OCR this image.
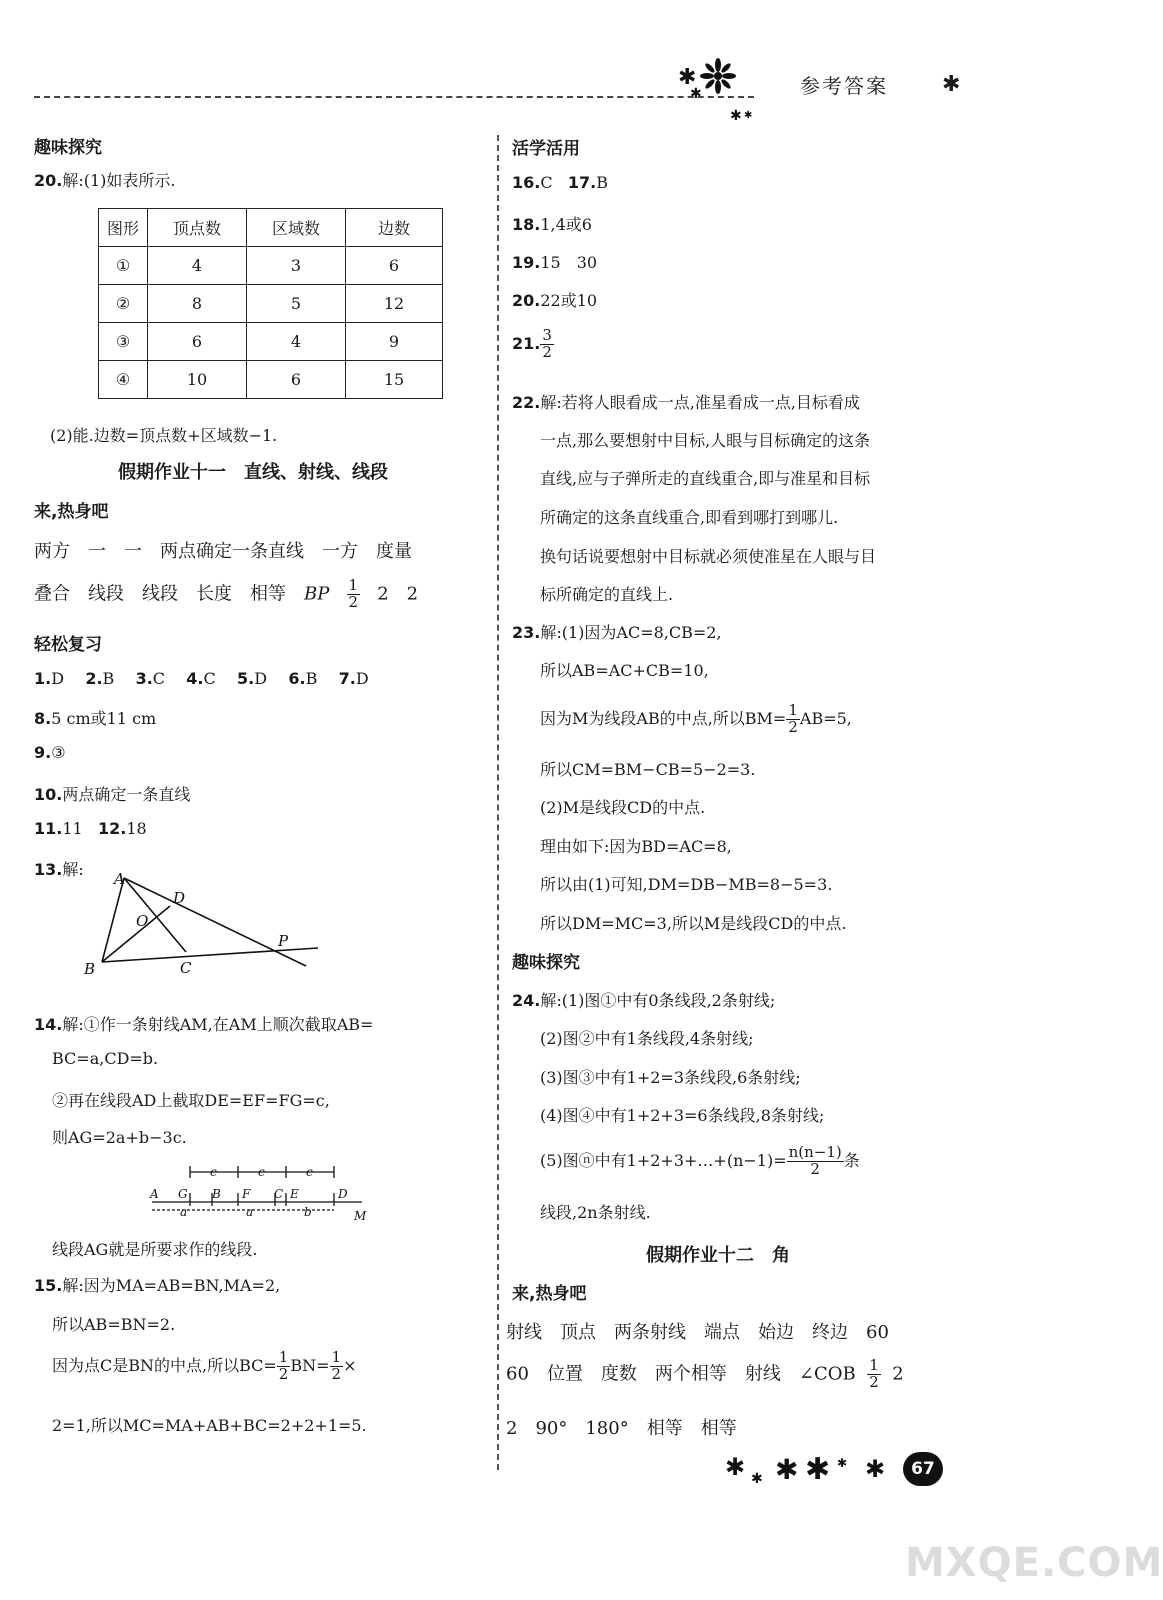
✱
✱
✱ ✱
参考答案 ✱
趣味探究
20.解:(1)如表所示.
图形	顶点数	区域数	边数
①	4	3	6
②	8	5	12
③	6	4	9
④	10	6	15
(2)能.边数=顶点数+区域数−1.
假期作业十一　直线、射线、线段
来,热身吧
两方　一　一　两点确定一条直线　一方　度量
叠合　线段　线段　长度　相等　BP $\frac{1}{2} 2$　2
轻松复习
1.D 2.B 3.C 4.C 5.D 6.B 7.D
8.5 cm或11 cm
9.③
10.两点确定一条直线
11.11 12.18
13.解: A
D
O
P
B	C
14.解:①作一条射线AM,在AM上顺次截取AB=
BC=a,CD=b.
②再在线段AD上截取DE=EF=FG=c,
则AG=2a+b−3c.
c	c	c
A G B F C E	D
a	a	b	M
线段AG就是所要求作的线段.
15.解:因为MA=AB=BN,MA=2,
所以AB=BN=2.
因为点C是BN的中点,所以$BC= \frac{1}{2} BN= \frac{1}{2}$ ×
2=1,所以MC=MA+AB+BC=2+2+1=5.
活学活用
16.C 17.B
18.1,4或6
19.15　30
20.22或10
21. $\frac{3}{2}$
22.解:若将人眼看成一点,准星看成一点,目标看成
一点,那么要想射中目标,人眼与目标确定的这条
直线,应与子弹所走的直线重合,即与准星和目标
所确定的这条直线重合,即看到哪打到哪儿.
换句话说要想射中目标就必须使准星在人眼与目
标所确定的直线上.
23.解:(1)因为AC=8,CB=2,
所以AB=AC+CB=10,
因为M为线段AB的中点,所以$BM= \frac{1}{2} AB=5$,
所以CM=BM−CB=5−2=3.
(2)M是线段CD的中点.
理由如下:因为BD=AC=8,
所以由(1)可知,DM=DB−MB=8−5=3.
所以DM=MC=3,所以M是线段CD的中点.
趣味探究
24.解:(1)图①中有0条线段,2条射线;
(2)图②中有1条线段,4条射线;
(3)图③中有1+2=3条线段,6条射线;
(4)图④中有1+2+3=6条线段,8条射线;
(5)图ⓝ中有1+2+3+…+(n−1)= $\frac{n(n-1)}{2}$ 条
线段,2n条射线.
假期作业十二　角
来,热身吧
射线　顶点　两条射线　端点　始边　终边　60
60　位置　度数　两个相等　射线　∠COB $\frac{1}{2} 2$
2　90°　180°　相等　相等
✱ ✱ ✱ ✱ ✱ ✱	67
MXQE.COM
